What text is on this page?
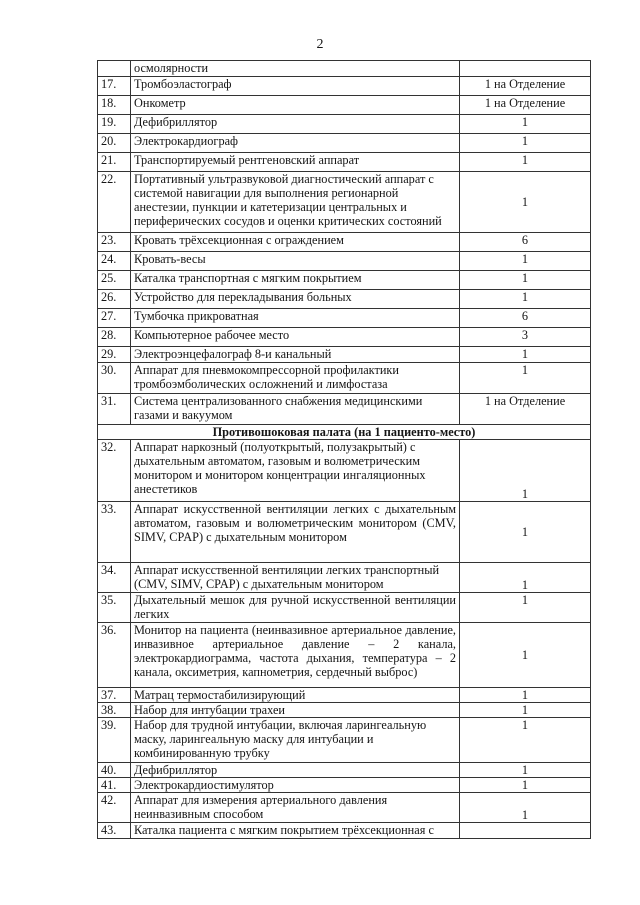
2
	осмолярности	
17.	Тромбоэластограф	1 на Отделение
18.	Онкометр	1 на Отделение
19.	Дефибриллятор	1
20.	Электрокардиограф	1
21.	Транспортируемый рентгеновский аппарат	1
22.	Портативный ультразвуковой диагностический аппарат с системой навигации для выполнения регионарной анестезии, пункции и катетеризации центральных и периферических сосудов и оценки критических состояний	1
23.	Кровать трёхсекционная с ограждением	6
24.	Кровать-весы	1
25.	Каталка транспортная с мягким покрытием	1
26.	Устройство для перекладывания больных	1
27.	Тумбочка прикроватная	6
28.	Компьютерное рабочее место	3
29.	Электроэнцефалограф 8-и канальный	1
30.	Аппарат для пневмокомпрессорной профилактики тромбоэмболических осложнений и лимфостаза	1
31.	Система централизованного снабжения медицинскими газами и вакуумом	1 на Отделение
Противошоковая палата (на 1 пациенто-место)		
32.	Аппарат наркозный (полуоткрытый, полузакрытый) с дыхательным автоматом, газовым и волюметрическим монитором и монитором концентрации ингаляционных анестетиков	1
33.	Аппарат искусственной вентиляции легких с дыхательным автоматом, газовым и волюметрическим монитором (CMV, SIMV, CPAP) с дыхательным монитором	1
34.	Аппарат искусственной вентиляции легких транспортный (CMV, SIMV, CPAP) с дыхательным монитором	1
35.	Дыхательный мешок для ручной искусственной вентиляции легких	1
36.	Монитор на пациента (неинвазивное артериальное давление, инвазивное артериальное давление – 2 канала, электрокардиограмма, частота дыхания, температура – 2 канала, оксиметрия, капнометрия, сердечный выброс)	1
37.	Матрац термостабилизирующий	1
38.	Набор для интубации трахеи	1
39.	Набор для трудной интубации, включая ларингеальную маску, ларингеальную маску для интубации и комбинированную трубку	1
40.	Дефибриллятор	1
41.	Электрокардиостимулятор	1
42.	Аппарат для измерения артериального давления неинвазивным способом	1
43.	Каталка пациента с мягким покрытием трёхсекционная с	
